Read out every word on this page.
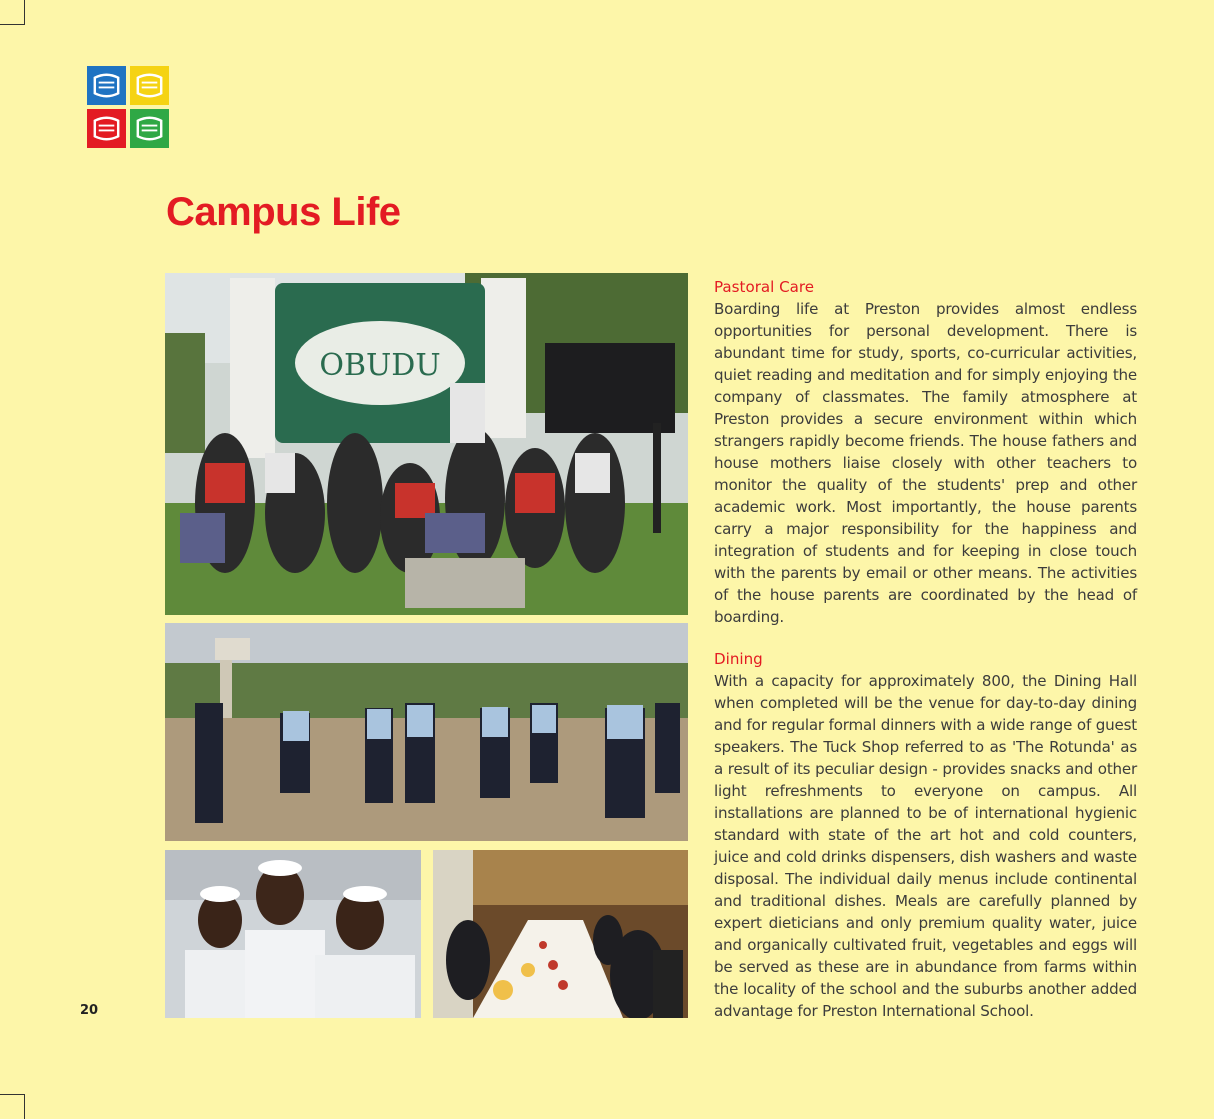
Campus Life
OBUDU
Pastoral Care

Boarding life at Preston provides almost endless opportunities for personal development. There is abundant time for study, sports, co-curricular activities, quiet reading and meditation and for simply enjoying the company of classmates. The family atmosphere at Preston provides a secure environment within which strangers rapidly become friends. The house fathers and house mothers liaise closely with other teachers to monitor the quality of the students' prep and other academic work. Most importantly, the house parents carry a major responsibility for the happiness and integration of students and for keeping in close touch with the parents by email or other means. The activities of the house parents are coordinated by the head of boarding.

Dining

With a capacity for approximately 800, the Dining Hall when completed will be the venue for day-to-day dining and for regular formal dinners with a wide range of guest speakers. The Tuck Shop referred to as 'The Rotunda' as a result of its peculiar design - provides snacks and other light refreshments to everyone on campus. All installations are planned to be of international hygienic standard with state of the art hot and cold counters, juice and cold drinks dispensers, dish washers and waste disposal. The individual daily menus include continental and traditional dishes. Meals are carefully planned by expert dieticians and only premium quality water, juice and organically cultivated fruit, vegetables and eggs will be served as these are in abundance from farms within the locality of the school and the suburbs another added advantage for Preston International School.

20
